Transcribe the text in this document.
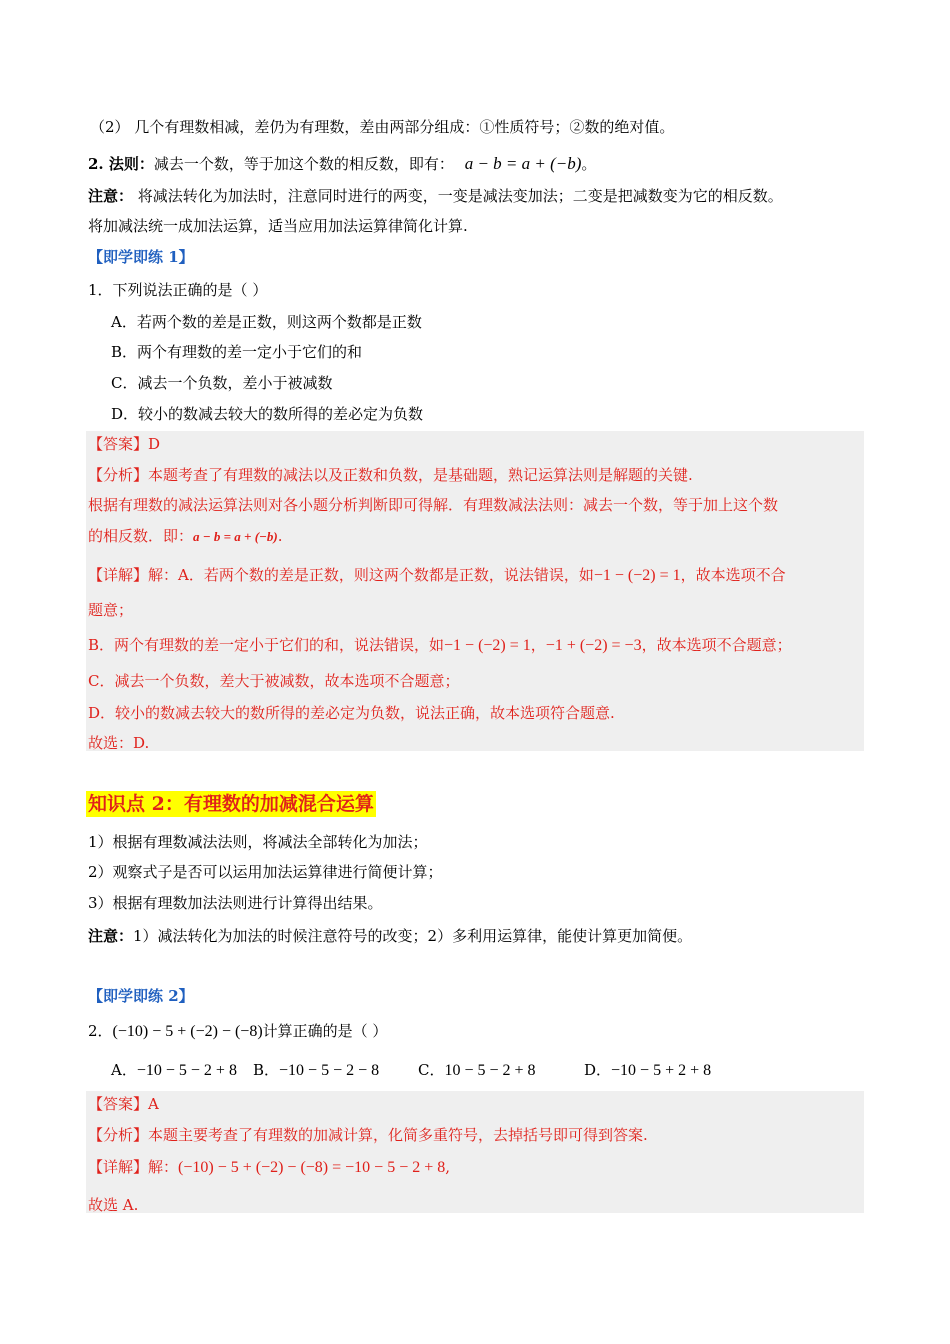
（2） 几个有理数相减，差仍为有理数，差由两部分组成：①性质符号；②数的绝对值。
2. 法则：减去一个数，等于加这个数的相反数，即有： a − b = a + (−b)。
注意： 将减法转化为加法时，注意同时进行的两变，一变是减法变加法；二变是把减数变为它的相反数。
将加减法统一成加法运算，适当应用加法运算律简化计算.
【即学即练 1】
1．下列说法正确的是（ ）
A．若两个数的差是正数，则这两个数都是正数
B．两个有理数的差一定小于它们的和
C．减去一个负数，差小于被减数
D．较小的数减去较大的数所得的差必定为负数
【答案】D
【分析】本题考查了有理数的减法以及正数和负数，是基础题，熟记运算法则是解题的关键.
根据有理数的减法运算法则对各小题分析判断即可得解．有理数减法法则：减去一个数，等于加上这个数
的相反数．即：a − b = a + (−b).
【详解】解：A．若两个数的差是正数，则这两个数都是正数，说法错误，如−1 − (−2) = 1，故本选项不合
题意；
B．两个有理数的差一定小于它们的和，说法错误，如−1 − (−2) = 1，−1 + (−2) = −3，故本选项不合题意；
C．减去一个负数，差大于被减数，故本选项不合题意；
D．较小的数减去较大的数所得的差必定为负数，说法正确，故本选项符合题意.
故选：D.
知识点 2：有理数的加减混合运算
1）根据有理数减法法则，将减法全部转化为加法；
2）观察式子是否可以运用加法运算律进行简便计算；
3）根据有理数加法法则进行计算得出结果。
注意：1）减法转化为加法的时候注意符号的改变；2）多利用运算律，能使计算更加简便。
【即学即练 2】
2．(−10) − 5 + (−2) − (−8)计算正确的是（ ）
A．−10 − 5 − 2 + 8 B．−10 − 5 − 2 − 8	C．10 − 5 − 2 + 8	D．−10 − 5 + 2 + 8
【答案】A
【分析】本题主要考查了有理数的加减计算，化简多重符号，去掉括号即可得到答案.
【详解】解：(−10) − 5 + (−2) − (−8) = −10 − 5 − 2 + 8,
故选 A.
